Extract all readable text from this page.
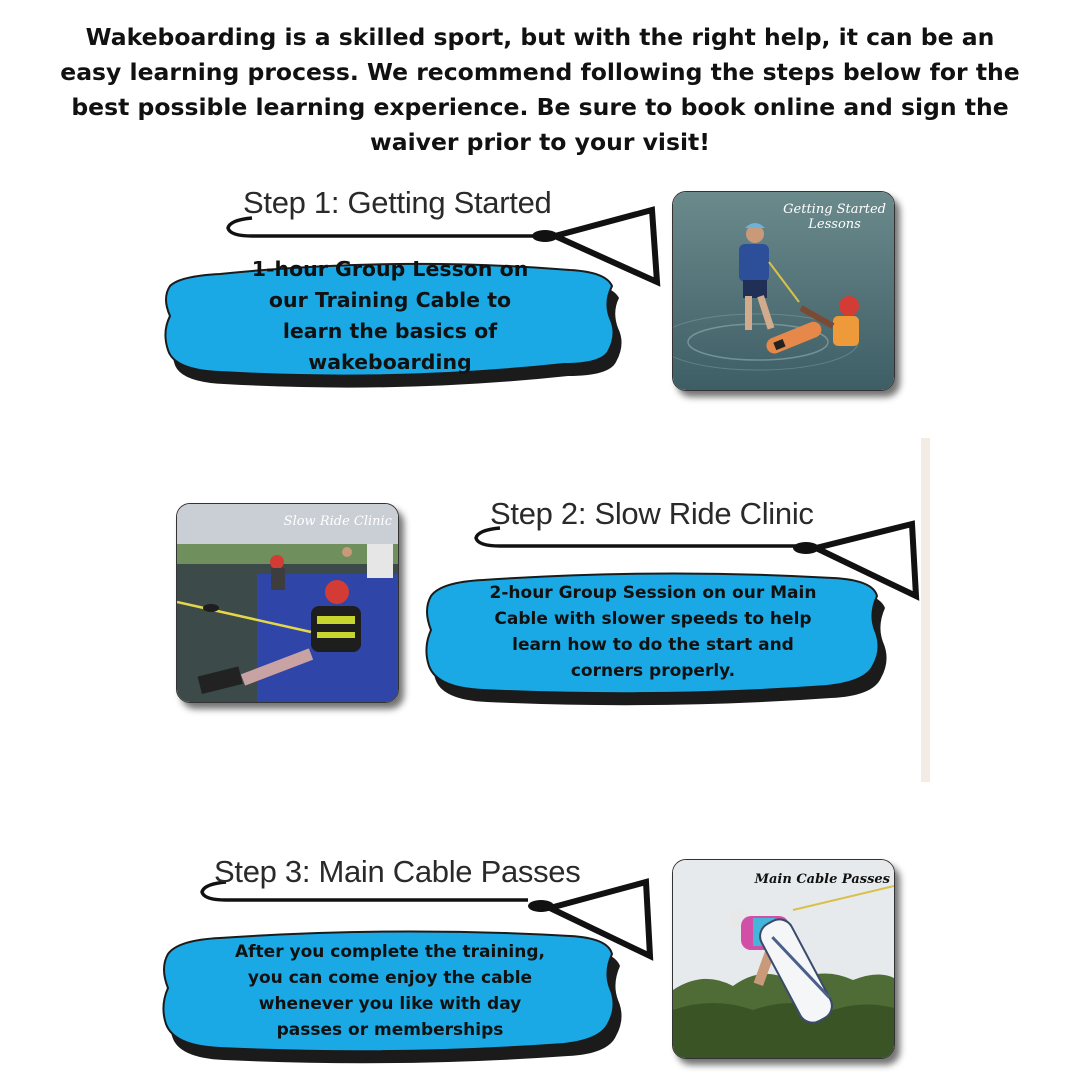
Wakeboarding is a skilled sport, but with the right help, it can be an easy learning process. We recommend following the steps below for the best possible learning experience. Be sure to book online and sign the waiver prior to your visit!

Step 1: Getting Started

1-hour Group Lesson on our Training Cable to learn the basics of wakeboarding

Getting Started
Lessons
Step 2: Slow Ride Clinic

2-hour Group Session on our Main Cable with slower speeds to help learn how to do the start and corners properly.

Slow Ride Clinic
Step 3: Main Cable Passes

After you complete the training, you can come enjoy the cable whenever you like with day passes or memberships

Main Cable Passes
